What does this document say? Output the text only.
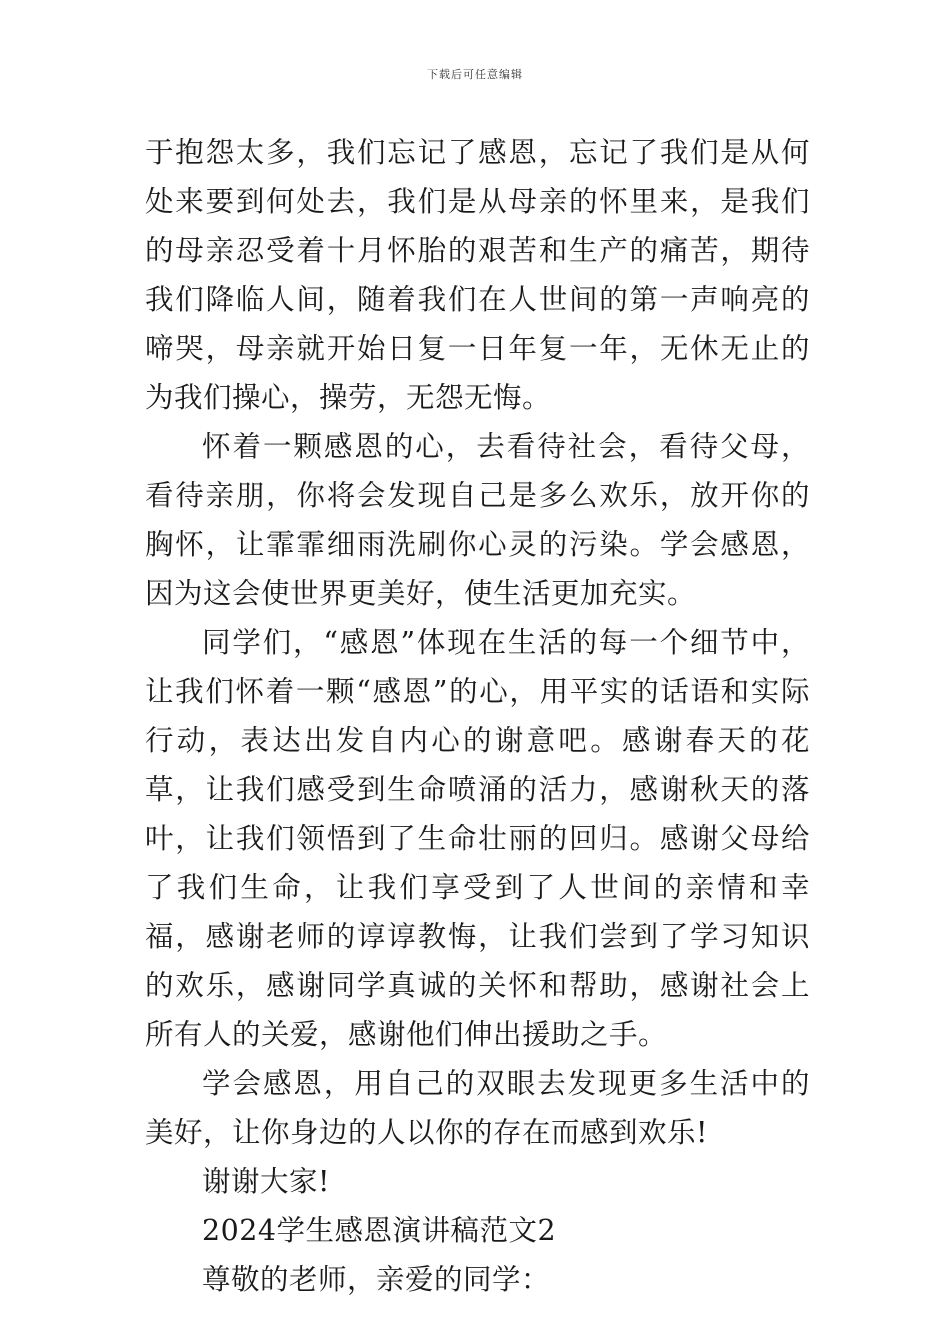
下载后可任意编辑

于抱怨太多，我们忘记了感恩，忘记了我们是从何处来要到何处去，我们是从母亲的怀里来，是我们的母亲忍受着十月怀胎的艰苦和生产的痛苦，期待我们降临人间，随着我们在人世间的第一声响亮的啼哭，母亲就开始日复一日年复一年，无休无止的为我们操心，操劳，无怨无悔。

怀着一颗感恩的心，去看待社会，看待父母，看待亲朋，你将会发现自己是多么欢乐，放开你的胸怀，让霏霏细雨洗刷你心灵的污染。学会感恩，因为这会使世界更美好，使生活更加充实。

同学们，“感恩”体现在生活的每一个细节中，让我们怀着一颗“感恩”的心，用平实的话语和实际行动，表达出发自内心的谢意吧。感谢春天的花草，让我们感受到生命喷涌的活力，感谢秋天的落叶，让我们领悟到了生命壮丽的回归。感谢父母给了我们生命，让我们享受到了人世间的亲情和幸福，感谢老师的谆谆教悔，让我们尝到了学习知识的欢乐，感谢同学真诚的关怀和帮助，感谢社会上所有人的关爱，感谢他们伸出援助之手。

学会感恩，用自己的双眼去发现更多生活中的美好，让你身边的人以你的存在而感到欢乐!

谢谢大家!

2024学生感恩演讲稿范文2

尊敬的老师，亲爱的同学：
